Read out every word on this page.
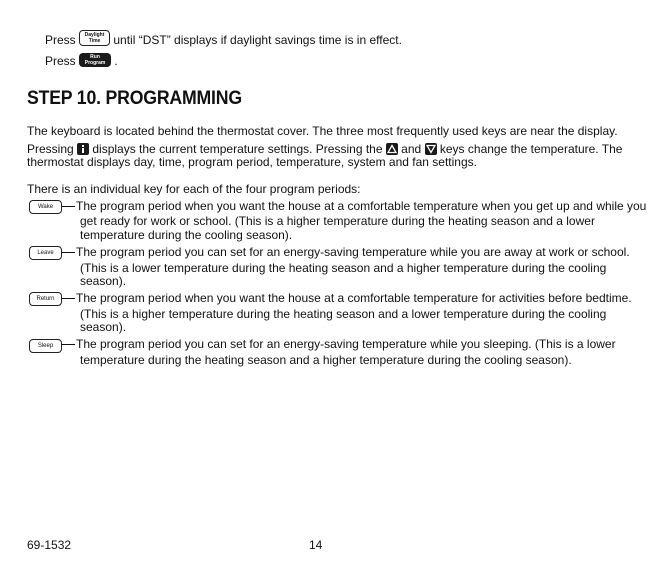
Press Daylight
Time until “DST” displays if daylight savings time is in effect.
Press	Run
Program .
STEP 10. PROGRAMMING
The keyboard is located behind the thermostat cover. The three most frequently used keys are near the display.
Pressing
displays the current temperature settings. Pressing the
and
keys change the temperature. The
thermostat displays day, time, program period, temperature, system and fan settings.
There is an individual key for each of the four program periods:
Wake	The program period when you want the house at a comfortable temperature when you get up and while you
get ready for work or school. (This is a higher temperature during the heating season and a lower
temperature during the cooling season).
Leave	The program period you can set for an energy-saving temperature while you are away at work or school.
(This is a lower temperature during the heating season and a higher temperature during the cooling
season).
Return	The program period when you want the house at a comfortable temperature for activities before bedtime.
(This is a higher temperature during the heating season and a lower temperature during the cooling
season).
Sleep	The program period you can set for an energy-saving temperature while you sleeping. (This is a lower
temperature during the heating season and a higher temperature during the cooling season).
69-1532	14
